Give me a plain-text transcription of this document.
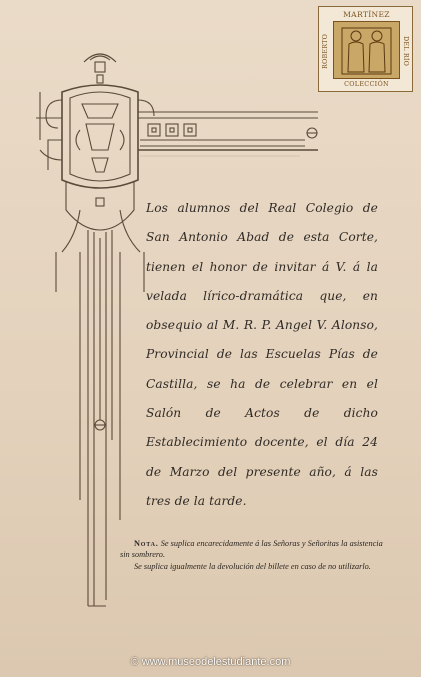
MARTÍNEZ
ROBERTO	DEL RÍO
COLECCIÓN
Los alumnos del Real Colegio de San Antonio Abad de esta Corte, tienen el honor de invitar á V. á la velada lírico-dramática que, en obsequio al M. R. P. Angel V. Alonso, Provincial de las Escuelas Pías de Castilla, se ha de celebrar en el Salón de Actos de dicho Establecimiento docente, el día 24 de Marzo del presente año, á las tres de la tarde.

Nota. Se suplica encarecidamente á las Señoras y Señoritas la asistencia sin sombrero.

Se suplica igualmente la devolución del billete en caso de no utilizarlo.

© www.museodelestudiante.com
